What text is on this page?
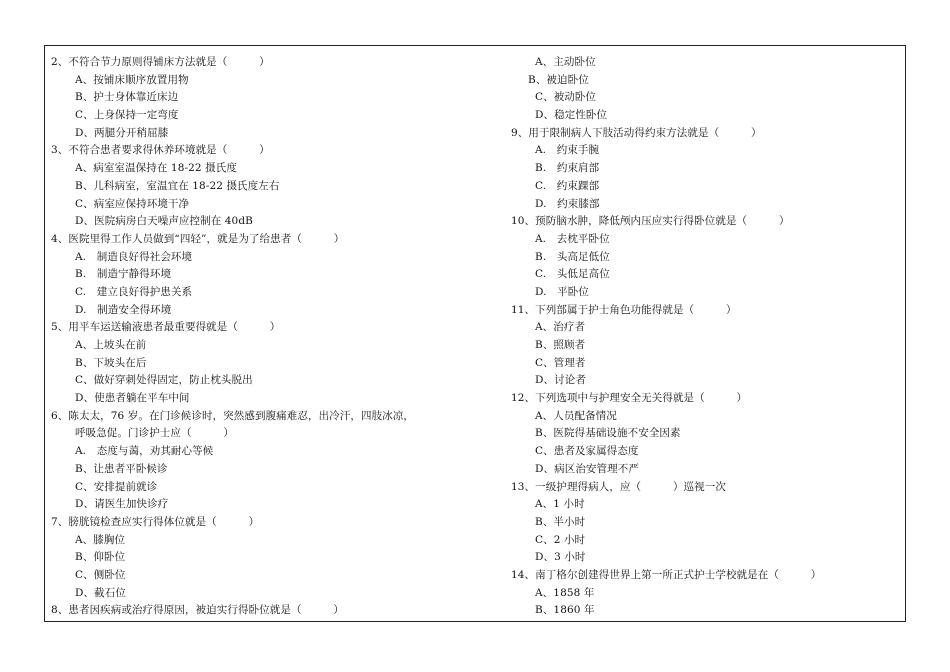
2、不符合节力原则得铺床方法就是（　　　）
A、按铺床顺序放置用物
B、护士身体靠近床边
C、上身保持一定弯度
D、两腿分开稍屈膝
3、不符合患者要求得休养环境就是（　　　）
A、病室室温保持在 18-22 摄氏度
B、儿科病室，室温宜在 18-22 摄氏度左右
C、病室应保持环境干净
D、医院病房白天噪声应控制在 40dB
4、医院里得工作人员做到“四轻”，就是为了给患者（　　　）
A.　制造良好得社会环境
B.　制造宁静得环境
C.　建立良好得护患关系
D.　制造安全得环境
5、用平车运送输液患者最重要得就是（　　　）
A、上坡头在前
B、下坡头在后
C、做好穿刺处得固定，防止枕头脱出
D、使患者躺在平车中间
6、陈太太，76 岁。在门诊候诊时，突然感到腹痛难忍，出冷汗，四肢冰凉，
呼吸急促。门诊护士应（　　　）
A.　态度与蔼，劝其耐心等候
B、让患者平卧候诊
C、安排提前就诊
D、请医生加快诊疗
7、膀胱镜检查应实行得体位就是（　　　）
A、膝胸位
B、仰卧位
C、侧卧位
D、截石位
8、患者因疾病或治疗得原因，被迫实行得卧位就是（　　　）
A、主动卧位
B、被迫卧位
C、被动卧位
D、稳定性卧位
9、用于限制病人下肢活动得约束方法就是（　　　）
A.　约束手腕
B.　约束肩部
C.　约束踝部
D.　约束膝部
10、预防脑水肿，降低颅内压应实行得卧位就是（　　　）
A.　去枕平卧位
B.　头高足低位
C.　头低足高位
D.　平卧位
11、下列部属于护士角色功能得就是（　　　）
A、治疗者
B、照顾者
C、管理者
D、讨论者
12、下列选项中与护理安全无关得就是（　　　）
A、人员配备情况
B、医院得基础设施不安全因素
C、患者及家属得态度
D、病区治安管理不严
13、一级护理得病人，应（　　　）巡视一次
A、1 小时
B、半小时
C、2 小时
D、3 小时
14、南丁格尔创建得世界上第一所正式护士学校就是在（　　　）
A、1858 年
B、1860 年
